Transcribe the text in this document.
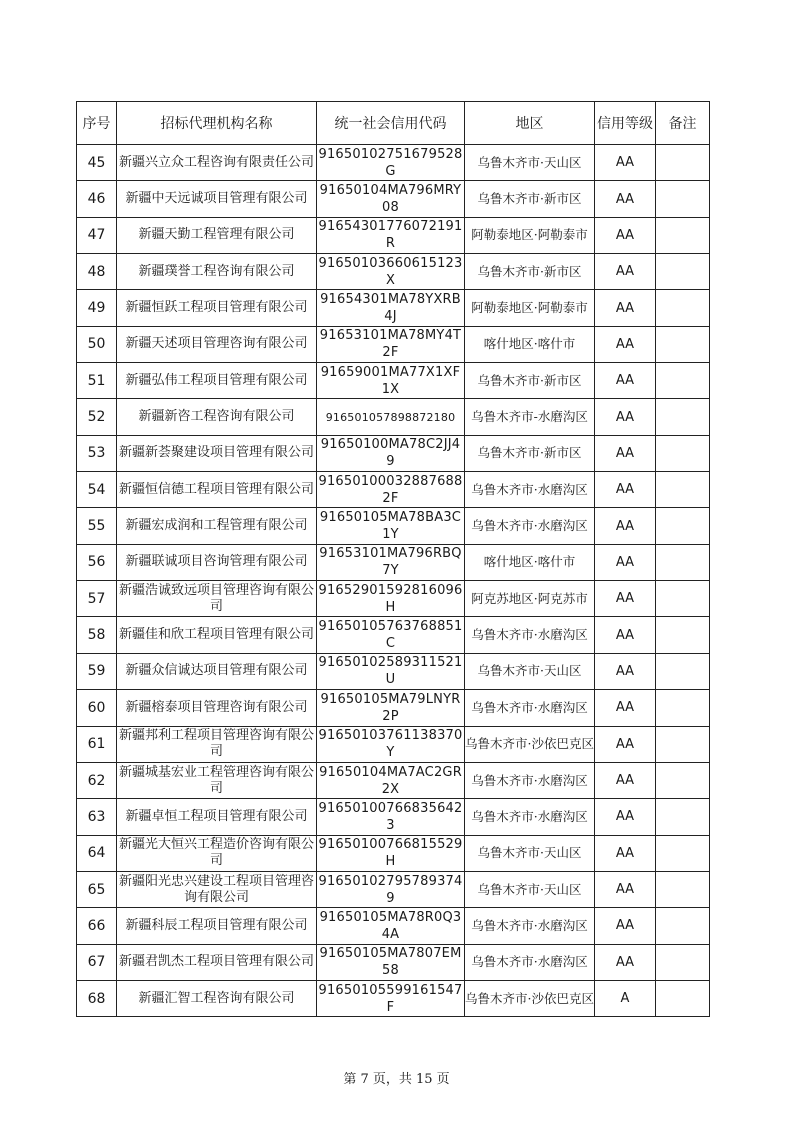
序号	招标代理机构名称	统一社会信用代码	地区	信用等级	备注
45	新疆兴立众工程咨询有限责任公司	91650102751679528G	乌鲁木齐市·天山区	AA	
46	新疆中天远诚项目管理有限公司	91650104MA796MRY08	乌鲁木齐市·新市区	AA	
47	新疆天勤工程管理有限公司	916543017760721​91R	阿勒泰地区·阿勒泰市	AA	
48	新疆璞誉工程咨询有限公司	916501036606151​23X	乌鲁木齐市·新市区	AA	
49	新疆恒跃工程项目管理有限公司	91654301MA78YXRB4J	阿勒泰地区·阿勒泰市	AA	
50	新疆天述项目管理咨询有限公司	91653101MA78MY4T2F	喀什地区·喀什市	AA	
51	新疆弘伟工程项目管理有限公司	91659001MA77X1XF1X	乌鲁木齐市·新市区	AA	
52	新疆新咨工程咨询有限公司	916501057898872180	乌鲁木齐市-水磨沟区	AA	
53	新疆新荟聚建设项目管理有限公司	91650100MA78C2JJ49	乌鲁木齐市·新市区	AA	
54	新疆恒信德工程项目管理有限公司	916501000328876882F	乌鲁木齐市·水磨沟区	AA	
55	新疆宏成润和工程管理有限公司	91650105MA78BA3C1Y	乌鲁木齐市·水磨沟区	AA	
56	新疆联诚项目咨询管理有限公司	91653101MA796RBQ7Y	喀什地区·喀什市	AA	
57	新疆浩诚致远项目管理咨询有限公司	916529015928160​96H	阿克苏地区·阿克苏市	AA	
58	新疆佳和欣工程项目管理有限公司	916501057637688​51C	乌鲁木齐市·水磨沟区	AA	
59	新疆众信诚达项目管理有限公司	916501025893115​21U	乌鲁木齐市·天山区	AA	
60	新疆榕泰项目管理咨询有限公司	91650105MA79LNYR2P	乌鲁木齐市·水磨沟区	AA	
61	新疆邦利工程项目管理咨询有限公司	916501037611383​70Y	乌鲁木齐市·沙依巴克区	AA	
62	新疆城基宏业工程管理咨询有限公司	91650104MA7AC2GR2X	乌鲁木齐市·水磨沟区	AA	
63	新疆卓恒工程项目管理有限公司	916501007668356​423	乌鲁木齐市·水磨沟区	AA	
64	新疆光大恒兴工程造价咨询有限公司	916501007668155​29H	乌鲁木齐市·天山区	AA	
65	新疆阳光忠兴建设工程项目管理咨询有限公司	916501027957893​749	乌鲁木齐市·天山区	AA	
66	新疆科辰工程项目管理有限公司	91650105MA78R0Q34A	乌鲁木齐市·水磨沟区	AA	
67	新疆君凯杰工程项目管理有限公司	91650105MA7807EM58	乌鲁木齐市·水磨沟区	AA	
68	新疆汇智工程咨询有限公司	916501055991615​47F	乌鲁木齐市·沙依巴克区	A	
第 7 页，共 15 页
